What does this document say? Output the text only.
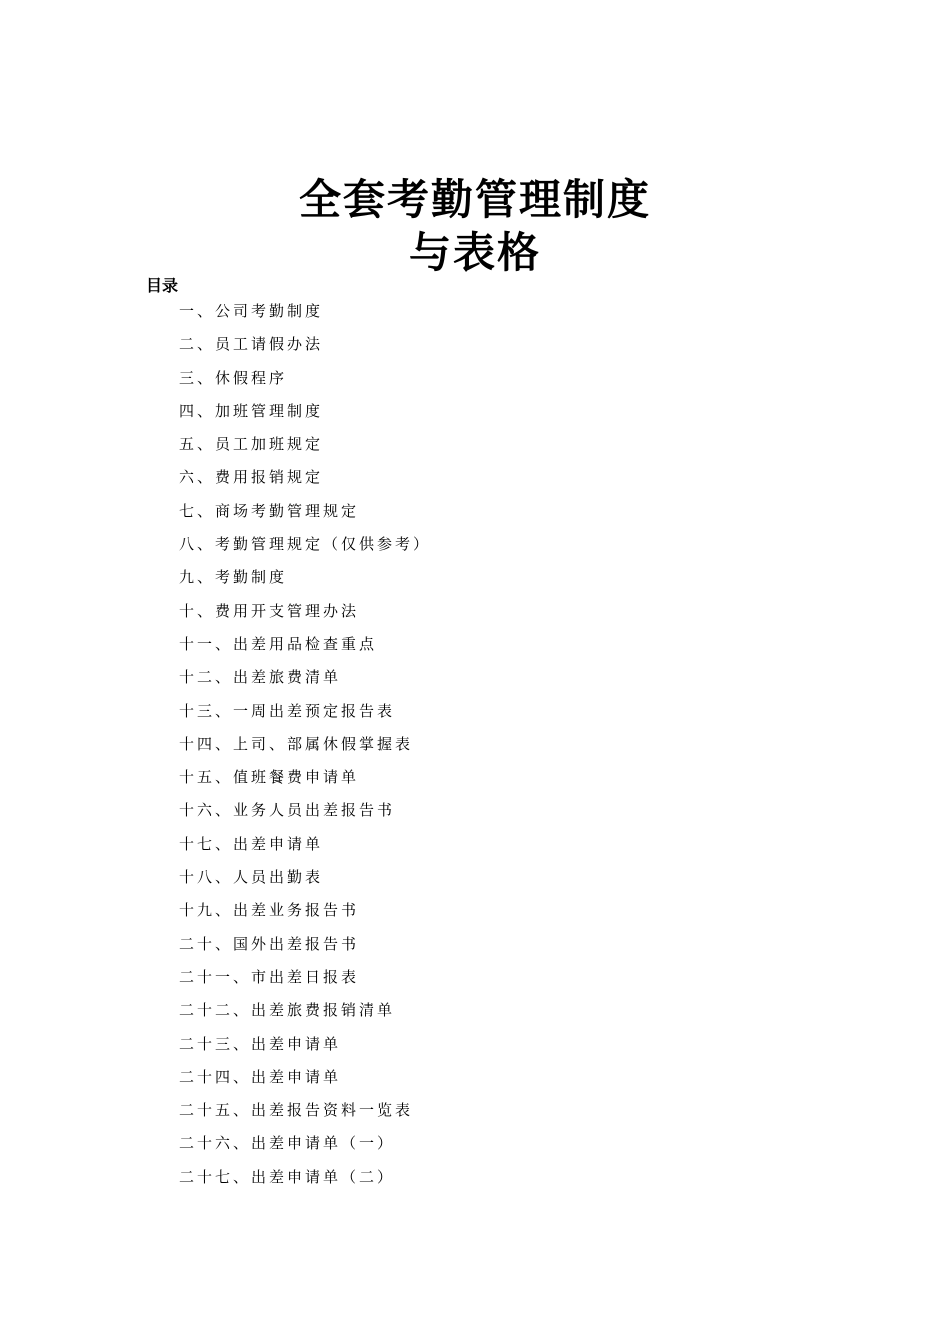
全套考勤管理制度
与表格
目录
一、公司考勤制度
二、员工请假办法
三、休假程序
四、加班管理制度
五、员工加班规定
六、费用报销规定
七、商场考勤管理规定
八、考勤管理规定（仅供参考）
九、考勤制度
十、费用开支管理办法
十一、出差用品检查重点
十二、出差旅费清单
十三、一周出差预定报告表
十四、上司、部属休假掌握表
十五、值班餐费申请单
十六、业务人员出差报告书
十七、出差申请单
十八、人员出勤表
十九、出差业务报告书
二十、国外出差报告书
二十一、市出差日报表
二十二、出差旅费报销清单
二十三、出差申请单
二十四、出差申请单
二十五、出差报告资料一览表
二十六、出差申请单（一）
二十七、出差申请单（二）
